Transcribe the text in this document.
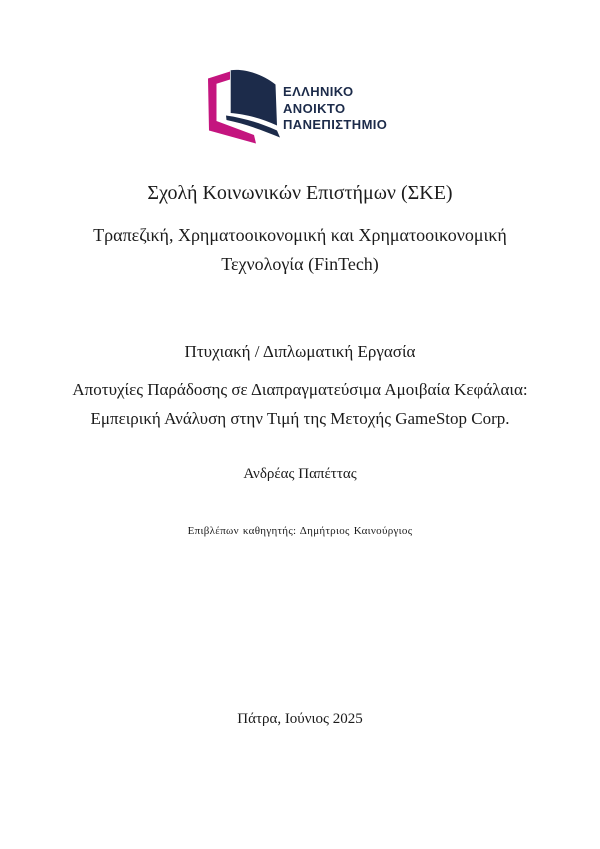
ΕΛΛΗΝΙΚΟ
ΑΝΟΙΚΤΟ
ΠΑΝΕΠΙΣΤΗΜΙΟ
Σχολή Κοινωνικών Επιστήμων (ΣΚΕ)
Τραπεζική, Χρηματοοικονομική και Χρηματοοικονομική
Τεχνολογία (FinTech)
Πτυχιακή / Διπλωματική Εργασία
Αποτυχίες Παράδοσης σε Διαπραγματεύσιμα Αμοιβαία Κεφάλαια:
Εμπειρική Ανάλυση στην Τιμή της Μετοχής GameStop Corp.
Ανδρέας Παπέττας
Επιβλέπων καθηγητής: Δημήτριος Καινούργιος
Πάτρα, Ιούνιος 2025
